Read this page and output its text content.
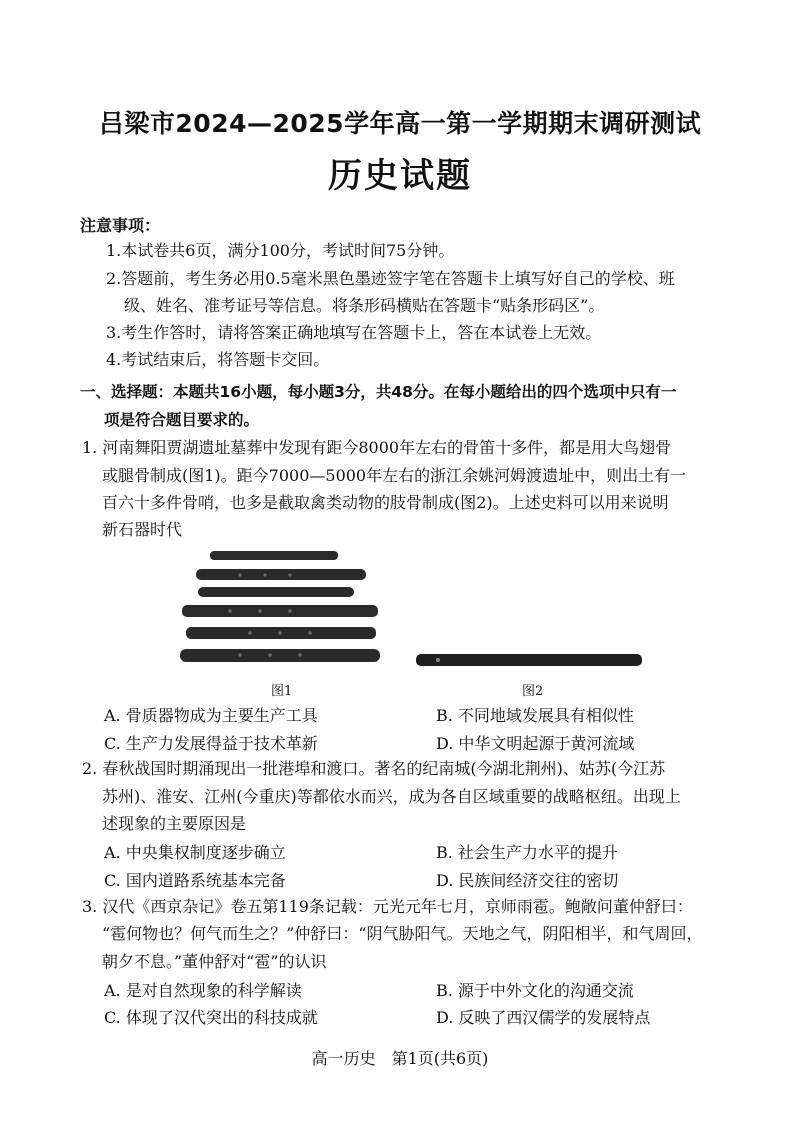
吕梁市2024—2025学年高一第一学期期末调研测试
历史试题
注意事项：
1.本试卷共6页，满分100分，考试时间75分钟。
2.答题前，考生务必用0.5毫米黑色墨迹签字笔在答题卡上填写好自己的学校、班
级、姓名、准考证号等信息。将条形码横贴在答题卡“贴条形码区”。
3.考生作答时，请将答案正确地填写在答题卡上，答在本试卷上无效。
4.考试结束后，将答题卡交回。
一、选择题：本题共16小题，每小题3分，共48分。在每小题给出的四个选项中只有一
项是符合题目要求的。
1. 河南舞阳贾湖遗址墓葬中发现有距今8000年左右的骨笛十多件，都是用大鸟翅骨
或腿骨制成(图1)。距今7000—5000年左右的浙江余姚河姆渡遗址中，则出土有一
百六十多件骨哨，也多是截取禽类动物的肢骨制成(图2)。上述史料可以用来说明
新石器时代
图1	图2
A. 骨质器物成为主要生产工具	B. 不同地域发展具有相似性
C. 生产力发展得益于技术革新	D. 中华文明起源于黄河流域
2. 春秋战国时期涌现出一批港埠和渡口。著名的纪南城(今湖北荆州)、姑苏(今江苏
苏州)、淮安、江州(今重庆)等都依水而兴，成为各自区域重要的战略枢纽。出现上
述现象的主要原因是
A. 中央集权制度逐步确立	B. 社会生产力水平的提升
C. 国内道路系统基本完备	D. 民族间经济交往的密切
3. 汉代《西京杂记》卷五第119条记载：元光元年七月，京师雨雹。鲍敞问董仲舒曰：
“雹何物也？何气而生之？”仲舒曰：“阴气胁阳气。天地之气，阴阳相半，和气周回，
朝夕不息。”董仲舒对“雹”的认识
A. 是对自然现象的科学解读	B. 源于中外文化的沟通交流
C. 体现了汉代突出的科技成就	D. 反映了西汉儒学的发展特点
高一历史　第1页(共6页)
